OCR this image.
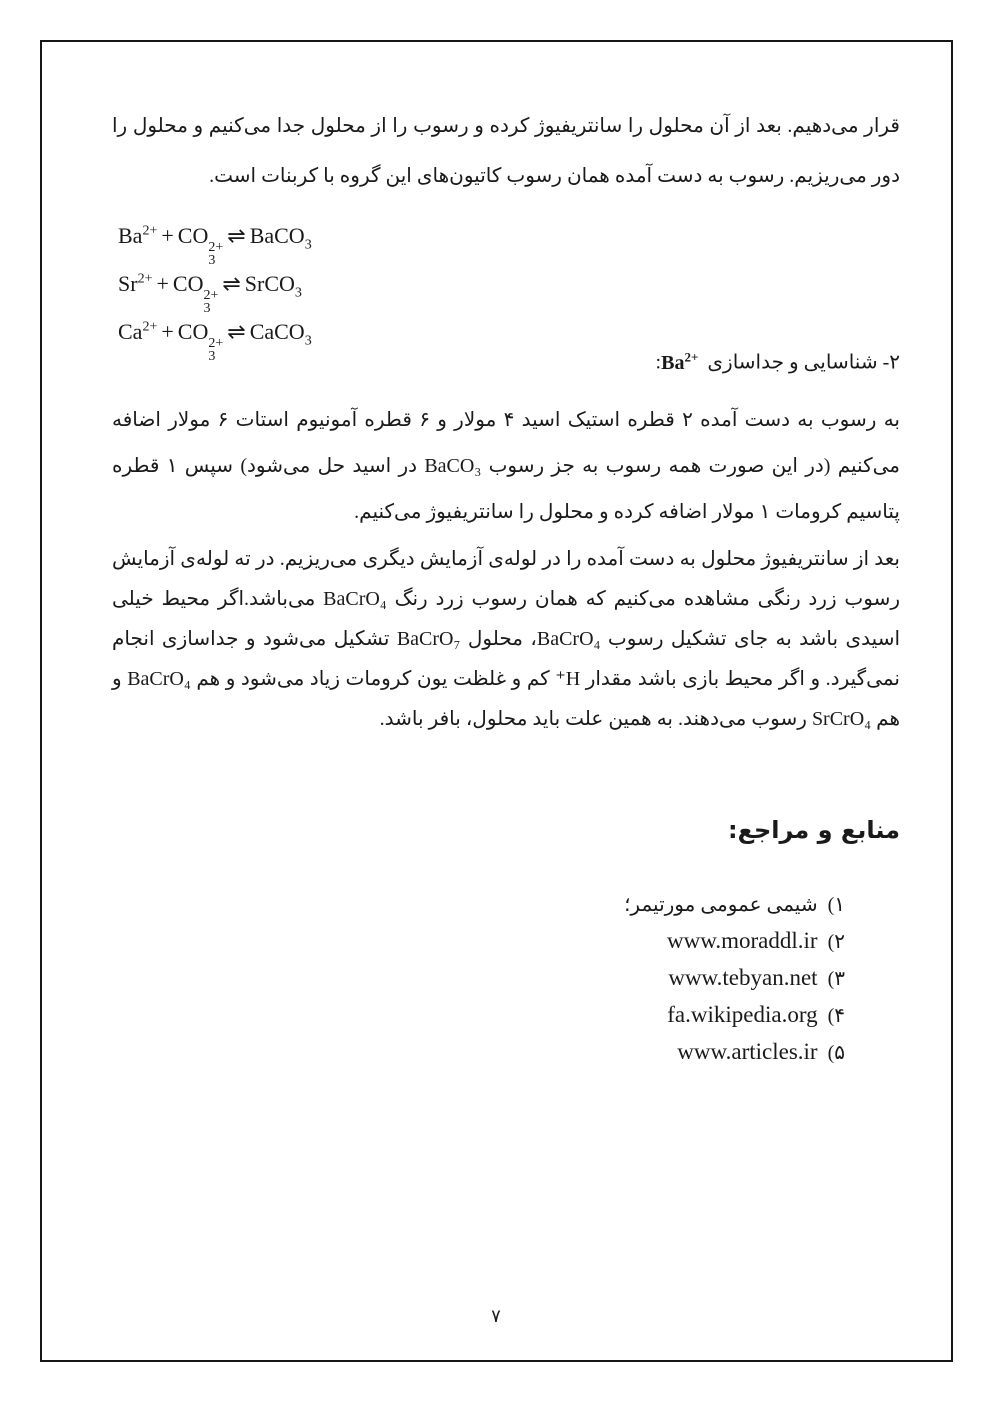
قرار می‌دهیم. بعد از آن محلول را سانتریفیوژ کرده و رسوب را از محلول جدا می‌کنیم و محلول را دور می‌ریزیم. رسوب به دست آمده همان رسوب کاتیون‌های این گروه با کربنات است.

$Ba^{2+}$ + CO 2+
3
⇌ BaCO$_3$
$Sr^{2+}$ + CO 2+
3
⇌ SrCO$_3$
$Ca^{2+}$ + CO 2+
3
⇌ CaCO$_3$
۲- شناسایی و جداسازیBa$^{2+}$:

به رسوب به دست آمده ۲ قطره استیک اسید ۴ مولار و ۶ قطره آمونیوم استات ۶ مولار اضافه می‌کنیم (در این صورت همه رسوب به جز رسوب BaCO₃ در اسید حل می‌شود) سپس ۱ قطره پتاسیم کرومات ۱ مولار اضافه کرده و محلول را سانتریفیوژ می‌کنیم.

بعد از سانتریفیوژ محلول به دست آمده را در لوله‌ی آزمایش دیگری می‌ریزیم. در ته لوله‌ی آزمایش رسوب زرد رنگی مشاهده می‌کنیم که همان رسوب زرد رنگ BaCrO₄ می‌باشد.اگر محیط خیلی اسیدی باشد به جای تشکیل رسوب BaCrO₄، محلول BaCrO₇ تشکیل می‌شود و جداسازی انجام نمی‌گیرد. و اگر محیط بازی باشد مقدار H⁺ کم و غلظت یون کرومات زیاد می‌شود و هم BaCrO₄ و هم SrCrO₄ رسوب می‌دهند. به همین علت باید محلول، بافر باشد.

منابع و مراجع:
۱)شیمی عمومی مورتیمر؛
۲)www.moraddl.ir
۳)www.tebyan.net
۴)fa.wikipedia.org
۵)www.articles.ir
۷
